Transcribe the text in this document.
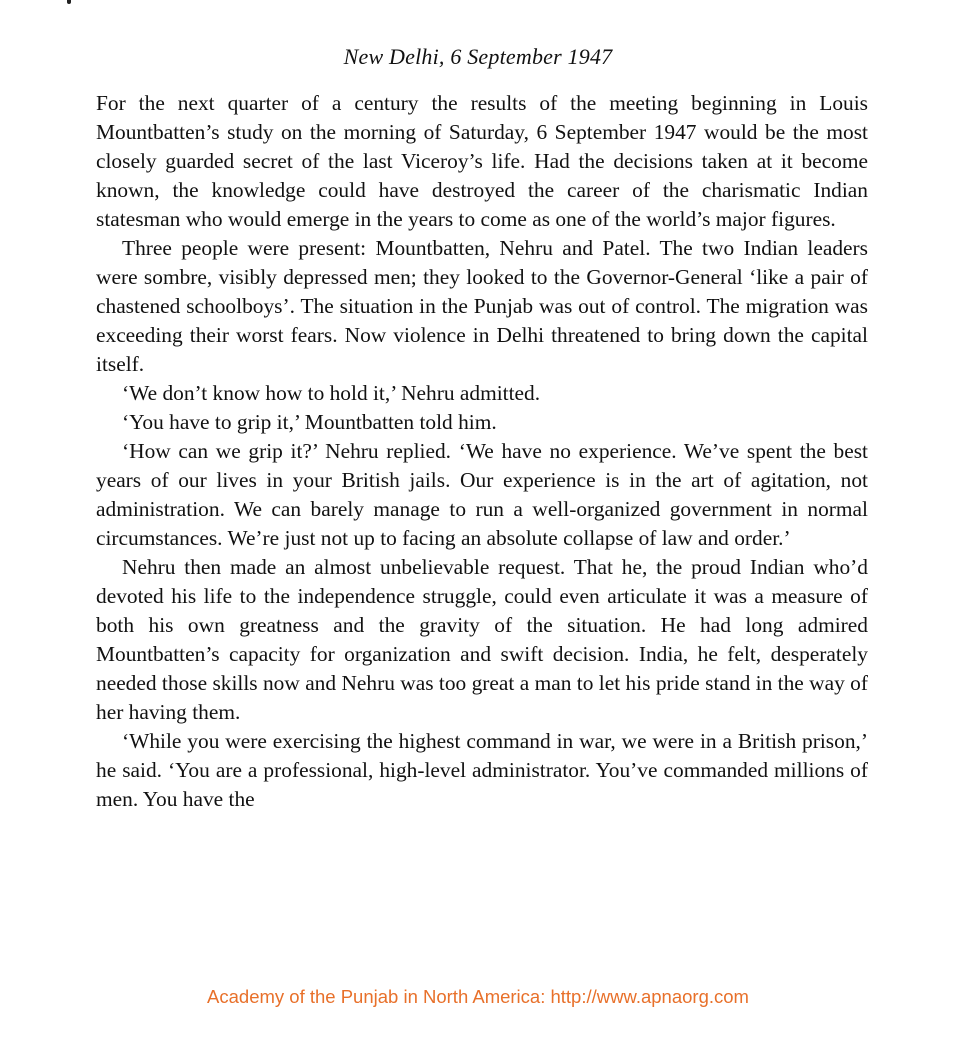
New Delhi, 6 September 1947

For the next quarter of a century the results of the meeting beginning in Louis Mountbatten’s study on the morning of Saturday, 6 September 1947 would be the most closely guarded secret of the last Viceroy’s life. Had the decisions taken at it become known, the knowledge could have destroyed the career of the charismatic Indian statesman who would emerge in the years to come as one of the world’s major figures.

Three people were present: Mountbatten, Nehru and Patel. The two Indian leaders were sombre, visibly depressed men; they looked to the Governor-General ‘like a pair of chastened schoolboys’. The situation in the Punjab was out of control. The migration was exceeding their worst fears. Now violence in Delhi threatened to bring down the capital itself.

‘We don’t know how to hold it,’ Nehru admitted.

‘You have to grip it,’ Mountbatten told him.

‘How can we grip it?’ Nehru replied. ‘We have no experience. We’ve spent the best years of our lives in your British jails. Our experience is in the art of agitation, not administration. We can barely manage to run a well-organized government in normal circumstances. We’re just not up to facing an absolute collapse of law and order.’

Nehru then made an almost unbelievable request. That he, the proud Indian who’d devoted his life to the independence struggle, could even articulate it was a measure of both his own greatness and the gravity of the situation. He had long admired Mountbatten’s capacity for organization and swift decision. India, he felt, desperately needed those skills now and Nehru was too great a man to let his pride stand in the way of her having them.

‘While you were exercising the highest command in war, we were in a British prison,’ he said. ‘You are a professional, high-level administrator. You’ve commanded millions of men. You have the

Academy of the Punjab in North America: http://www.apnaorg.com
